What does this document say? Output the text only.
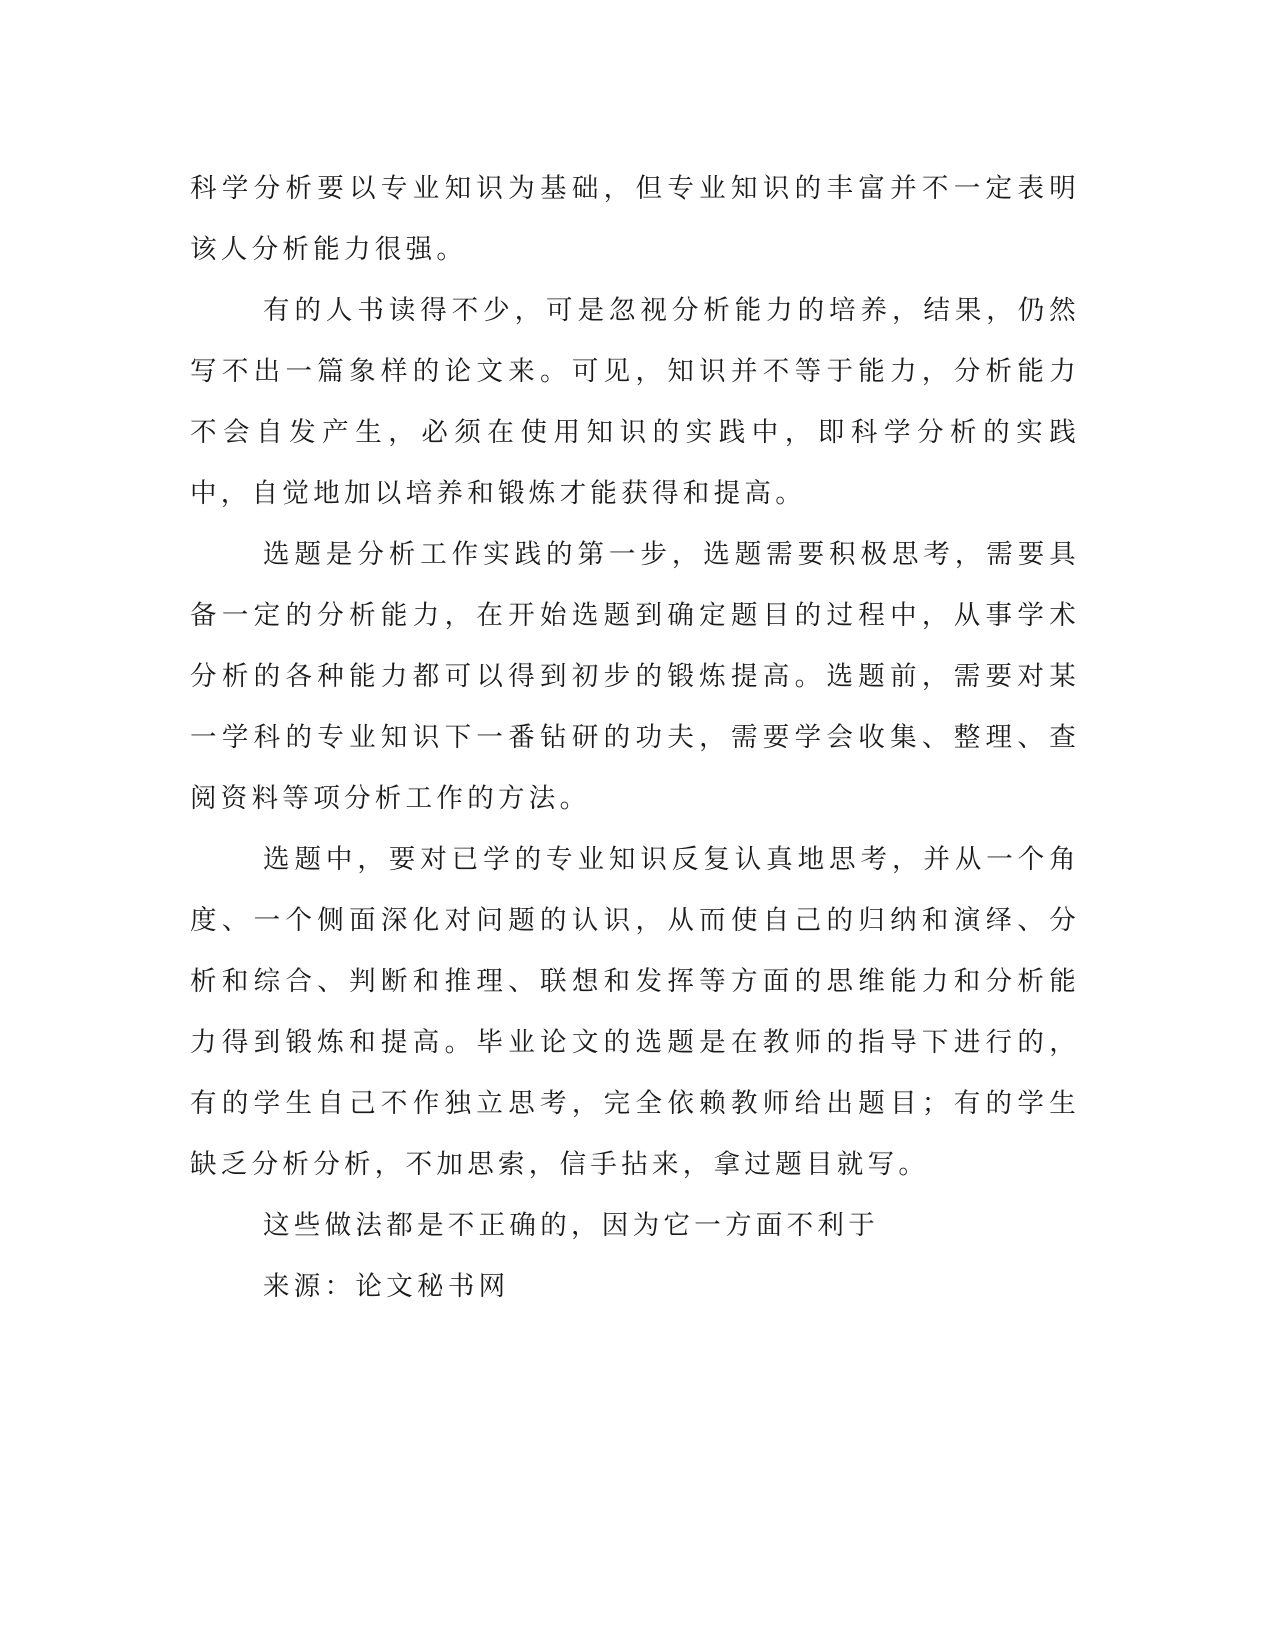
科学分析要以专业知识为基础，但专业知识的丰富并不一定表明该人分析能力很强。

有的人书读得不少，可是忽视分析能力的培养，结果，仍然写不出一篇象样的论文来。可见，知识并不等于能力，分析能力不会自发产生，必须在使用知识的实践中，即科学分析的实践中，自觉地加以培养和锻炼才能获得和提高。

选题是分析工作实践的第一步，选题需要积极思考，需要具备一定的分析能力，在开始选题到确定题目的过程中，从事学术分析的各种能力都可以得到初步的锻炼提高。选题前，需要对某一学科的专业知识下一番钻研的功夫，需要学会收集、整理、查阅资料等项分析工作的方法。

选题中，要对已学的专业知识反复认真地思考，并从一个角度、一个侧面深化对问题的认识，从而使自己的归纳和演绎、分析和综合、判断和推理、联想和发挥等方面的思维能力和分析能力得到锻炼和提高。毕业论文的选题是在教师的指导下进行的，有的学生自己不作独立思考，完全依赖教师给出题目；有的学生缺乏分析分析，不加思索，信手拈来，拿过题目就写。

这些做法都是不正确的，因为它一方面不利于

来源：论文秘书网
